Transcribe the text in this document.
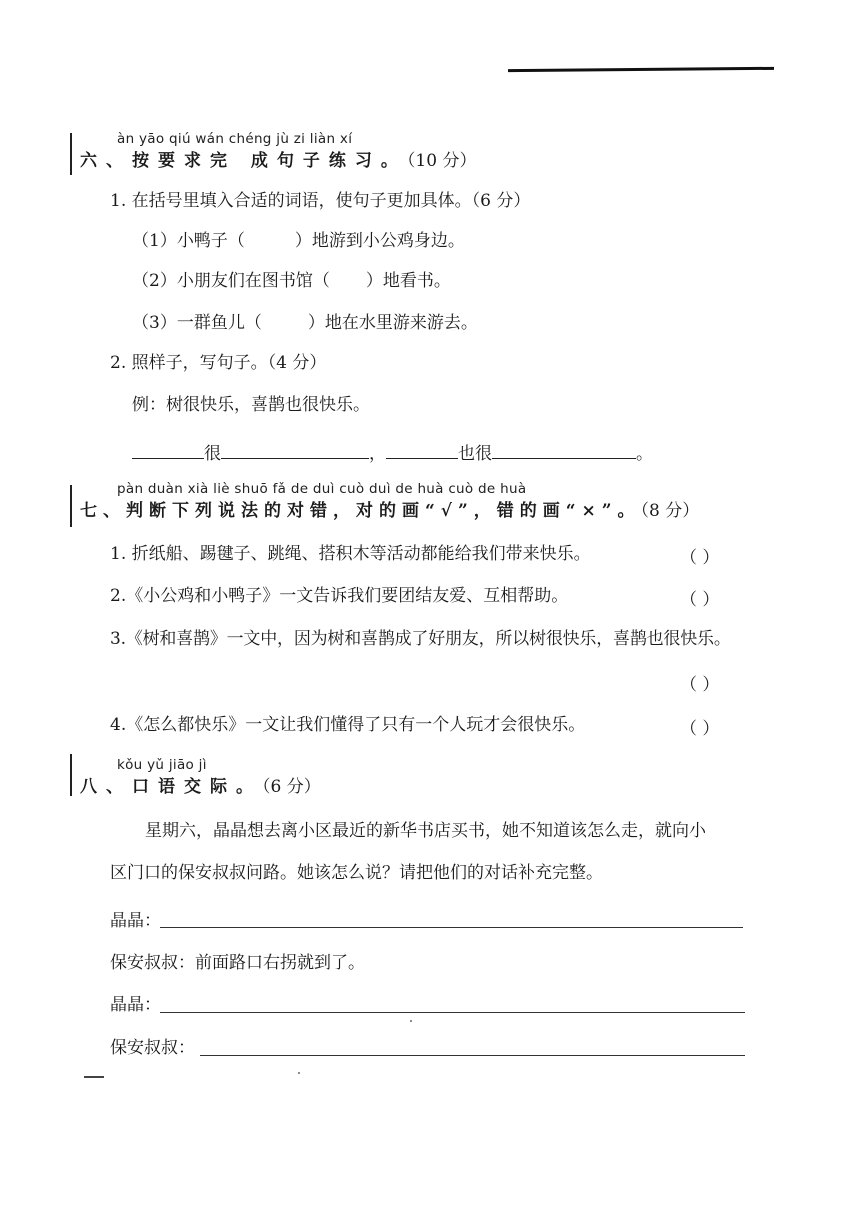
àn yāo qiú wán chéng jù zi liàn xí
六、按要求完 成句子练习。（10 分）
1. 在括号里填入合适的词语，使句子更加具体。（6 分）
（1）小鸭子（	）地游到小公鸡身边。
（2）小朋友们在图书馆（ ）地看书。
（3）一群鱼儿（	）地在水里游来游去。
2. 照样子，写句子。（4 分）
例：树很快乐，喜鹊也很快乐。
很	，	也很	。
pàn duàn xià liè shuō fǎ de duì cuò duì de huà cuò de huà
七、判断下列说法的对错，对的画“√”，错的画“×”。（8 分）
1. 折纸船、踢毽子、跳绳、搭积木等活动都能给我们带来快乐。	（ ）
2.《小公鸡和小鸭子》一文告诉我们要团结友爱、互相帮助。	（ ）
3.《树和喜鹊》一文中，因为树和喜鹊成了好朋友，所以树很快乐，喜鹊也很快乐。
（ ）
4.《怎么都快乐》一文让我们懂得了只有一个人玩才会很快乐。	（ ）
kǒu yǔ jiāo jì
八、口语交际。（6 分）
星期六，晶晶想去离小区最近的新华书店买书，她不知道该怎么走，就向小
区门口的保安叔叔问路。她该怎么说？请把他们的对话补充完整。
晶晶：
保安叔叔：前面路口右拐就到了。
晶晶：
保安叔叔：
